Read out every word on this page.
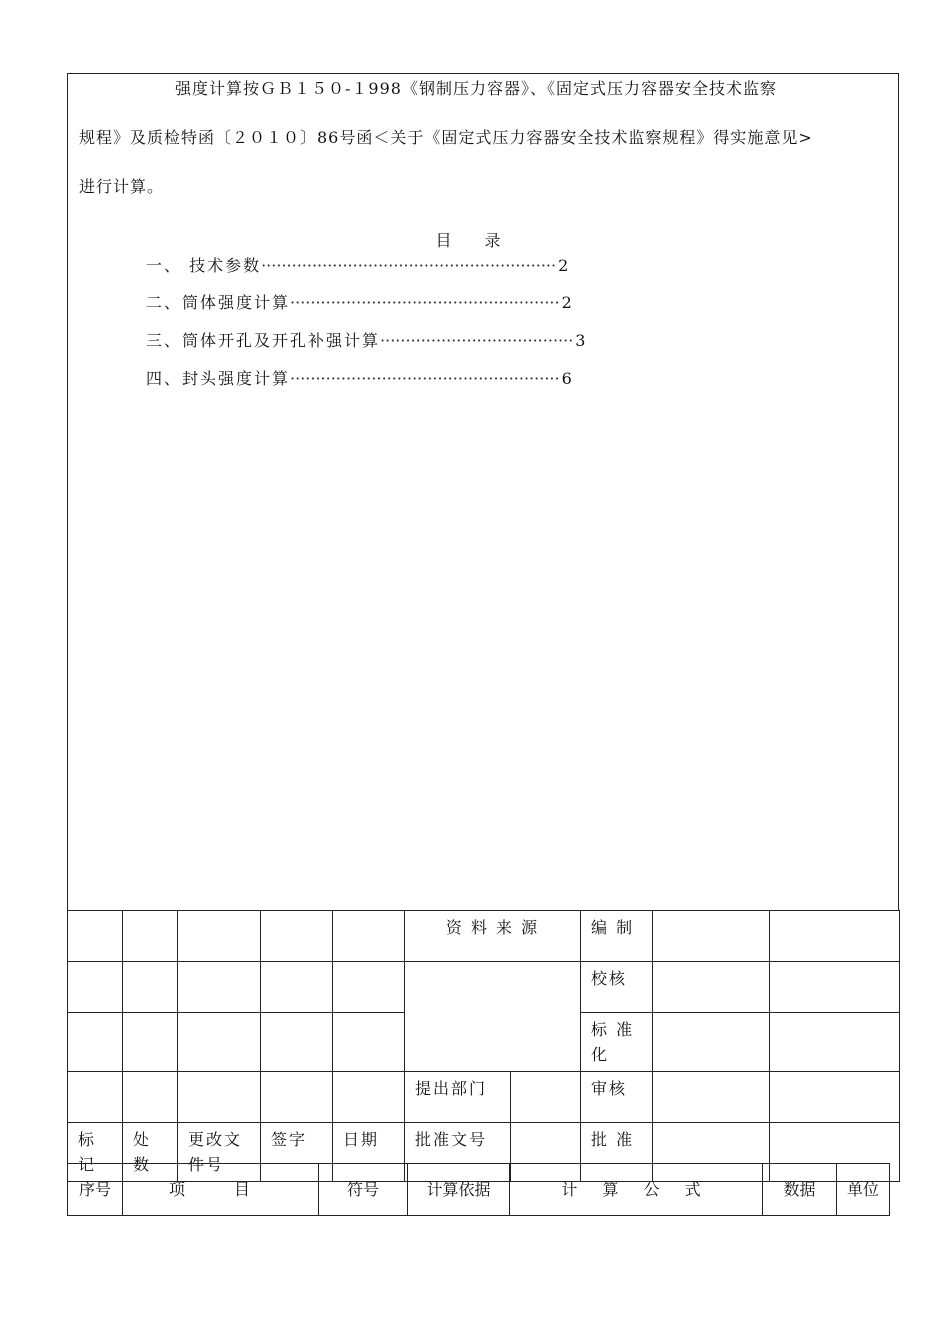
强度计算按ＧＢ１５０-１998《钢制压力容器》、《固定式压力容器安全技术监察
规程》及质检特函〔２０１０〕86号函＜关于《固定式压力容器安全技术监察规程》得实施意见>
进行计算。
目 录
一、 技术参数·························································· 2
二、筒体强度计算····················································· 2
三、筒体开孔及开孔补强计算······································ 3
四、封头强度计算····················································· 6
					资 料 来 源		编 制		
							校核		
							标 准化		
					提出部门		审核		
标记	处数	更改文件号	签字	日期	批准文号		批 准		
序号	项 目	符号	计算依据	计 算 公 式	数据	单位
